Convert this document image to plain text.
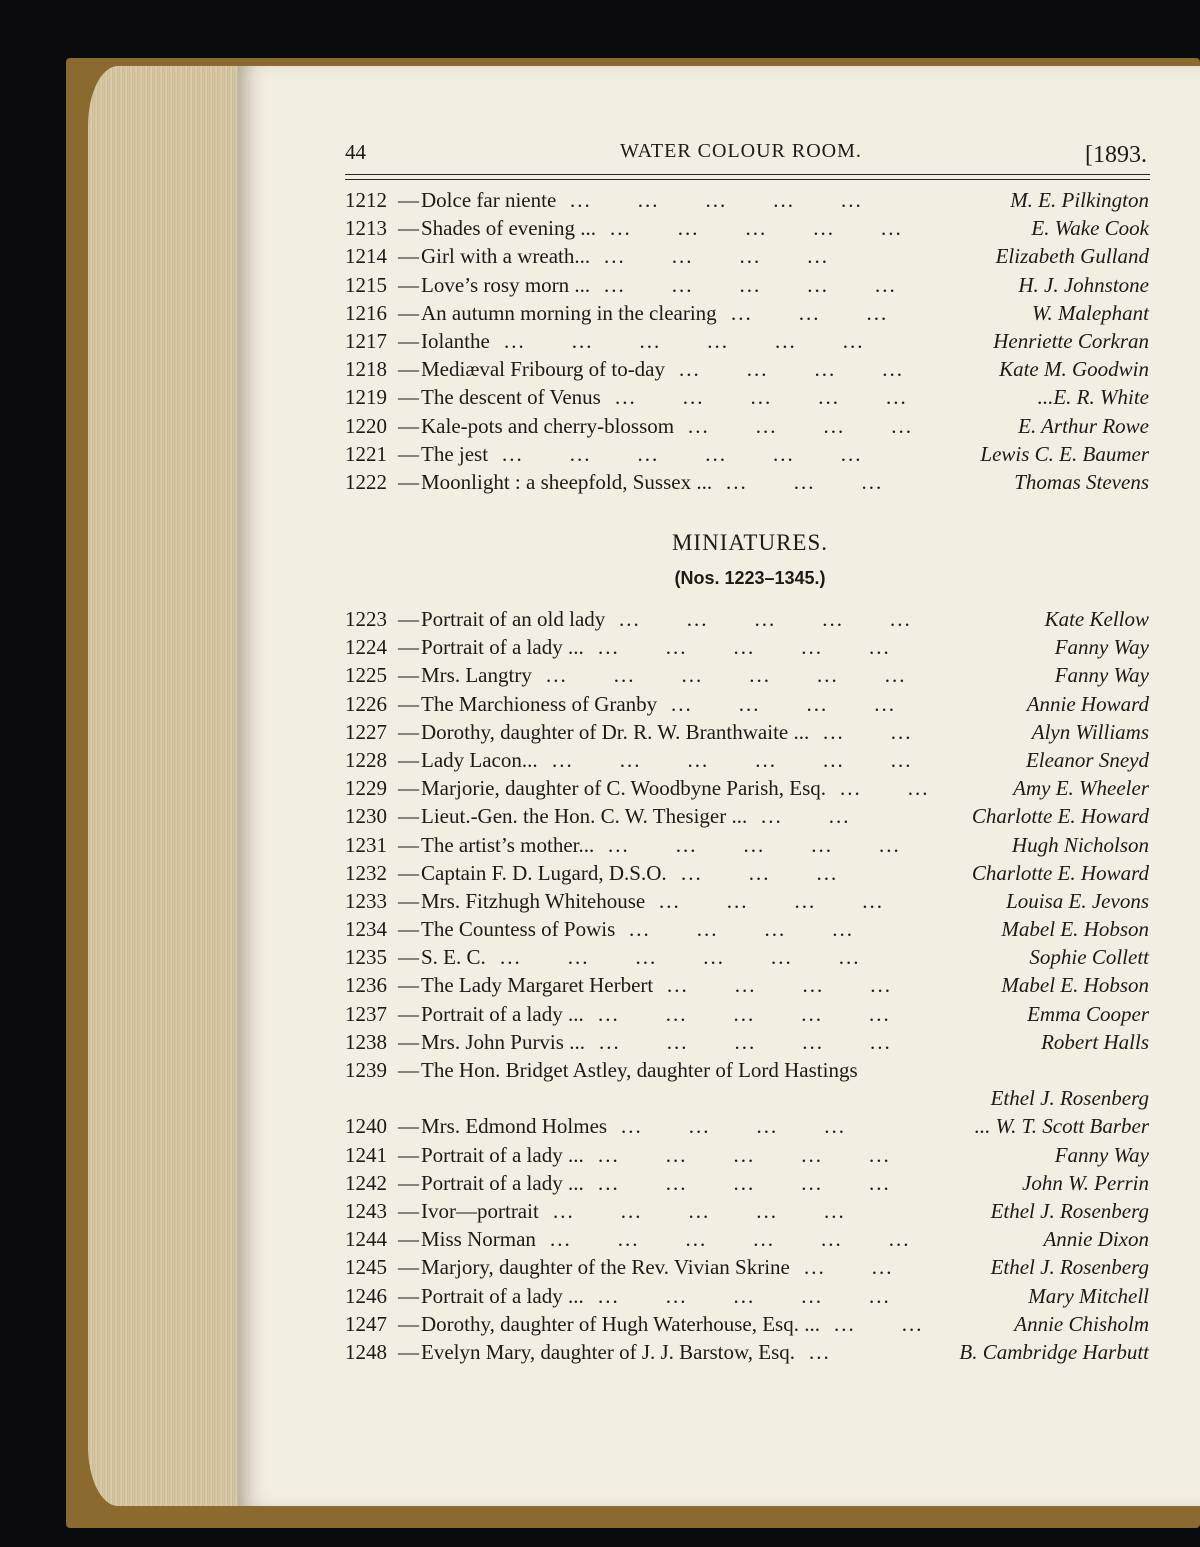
44	WATER COLOUR ROOM.	[1893.
1212 — Dolce far niente	M. E. Pilkington
...  ...  ...  ...  ...
1213 — Shades of evening ...	E. Wake Cook
...  ...  ...  ...  ...
1214 — Girl with a wreath...	Elizabeth Gulland
...  ...  ...  ...
1215 — Love’s rosy morn ...	H. J. Johnstone
...  ...  ...  ...  ...
1216 — An autumn morning in the clearing	W. Malephant
...  ...  ...
1217 — Iolanthe	Henriette Corkran
...  ...  ...  ...  ...  ...
1218 — Mediæval Fribourg of to-day	Kate M. Goodwin
...  ...  ...  ...
1219 — The descent of Venus	...E. R. White
...  ...  ...  ...  ...
1220 — Kale-pots and cherry-blossom	E. Arthur Rowe
...  ...  ...  ...
1221 — The jest	Lewis C. E. Baumer
...  ...  ...  ...  ...  ...
1222 — Moonlight : a sheepfold, Sussex ...	Thomas Stevens
...  ...  ...
MINIATURES.
(Nos. 1223–1345.)
1223 — Portrait of an old lady	Kate Kellow
...  ...  ...  ...  ...
1224 — Portrait of a lady ...	Fanny Way
...  ...  ...  ...  ...
1225 — Mrs. Langtry	Fanny Way
...  ...  ...  ...  ...  ...
1226 — The Marchioness of Granby	Annie Howard
...  ...  ...  ...
1227 — Dorothy, daughter of Dr. R. W. Branthwaite ...	Alyn Williams
...  ...
1228 — Lady Lacon...	Eleanor Sneyd
...  ...  ...  ...  ...  ...
1229 — Marjorie, daughter of C. Woodbyne Parish, Esq.	Amy E. Wheeler
...  ...
1230 — Lieut.-Gen. the Hon. C. W. Thesiger ...	Charlotte E. Howard
...  ...
1231 — The artist’s mother...	Hugh Nicholson
...  ...  ...  ...  ...
1232 — Captain F. D. Lugard, D.S.O.	Charlotte E. Howard
...  ...  ...
1233 — Mrs. Fitzhugh Whitehouse	Louisa E. Jevons
...  ...  ...  ...
1234 — The Countess of Powis	Mabel E. Hobson
...  ...  ...  ...
1235 — S. E. C.	Sophie Collett
...  ...  ...  ...  ...  ...
1236 — The Lady Margaret Herbert	Mabel E. Hobson
...  ...  ...  ...
1237 — Portrait of a lady ...	Emma Cooper
...  ...  ...  ...  ...
1238 — Mrs. John Purvis ...	Robert Halls
...  ...  ...  ...  ...
1239 — The Hon. Bridget Astley, daughter of Lord Hastings
Ethel J. Rosenberg
1240 — Mrs. Edmond Holmes	... W. T. Scott Barber
...  ...  ...  ...
1241 — Portrait of a lady ...	Fanny Way
...  ...  ...  ...  ...
1242 — Portrait of a lady ...	John W. Perrin
...  ...  ...  ...  ...
1243 — Ivor—portrait	Ethel J. Rosenberg
...  ...  ...  ...  ...
1244 — Miss Norman	Annie Dixon
...  ...  ...  ...  ...  ...
1245 — Marjory, daughter of the Rev. Vivian Skrine	Ethel J. Rosenberg
...  ...
1246 — Portrait of a lady ...	Mary Mitchell
...  ...  ...  ...  ...
1247 — Dorothy, daughter of Hugh Waterhouse, Esq. ...	Annie Chisholm
...  ...
1248 — Evelyn Mary, daughter of J. J. Barstow, Esq.	B. Cambridge Harbutt
...
